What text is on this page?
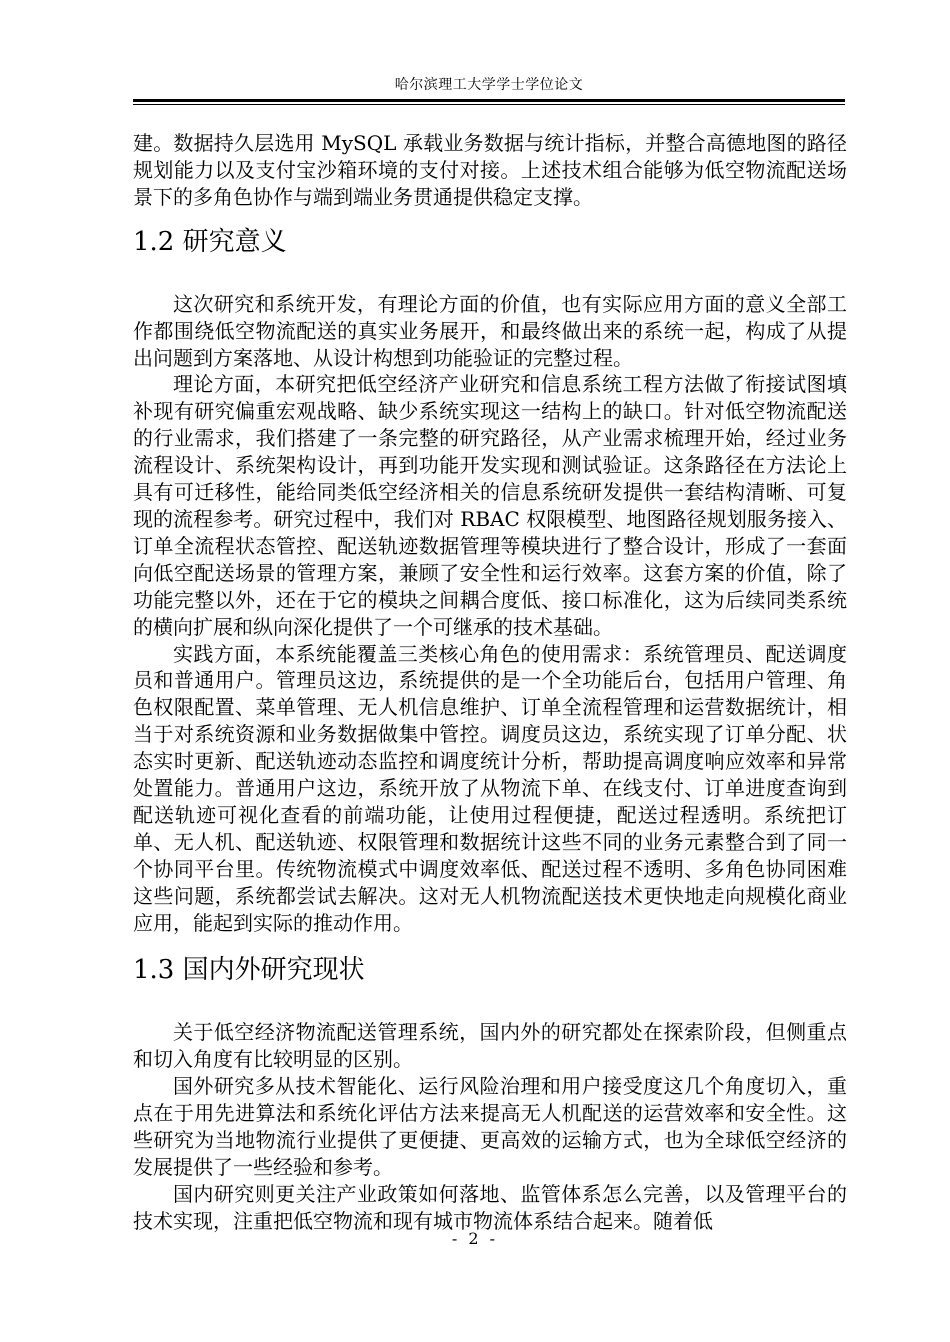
哈尔滨理工大学学士学位论文

建。数据持久层选用 MySQL 承载业务数据与统计指标，并整合高德地图的路径规划能力以及支付宝沙箱环境的支付对接。上述技术组合能够为低空物流配送场景下的多角色协作与端到端业务贯通提供稳定支撑。

1.2 研究意义

这次研究和系统开发，有理论方面的价值，也有实际应用方面的意义全部工作都围绕低空物流配送的真实业务展开，和最终做出来的系统一起，构成了从提出问题到方案落地、从设计构想到功能验证的完整过程。

理论方面，本研究把低空经济产业研究和信息系统工程方法做了衔接试图填补现有研究偏重宏观战略、缺少系统实现这一结构上的缺口。针对低空物流配送的行业需求，我们搭建了一条完整的研究路径，从产业需求梳理开始，经过业务流程设计、系统架构设计，再到功能开发实现和测试验证。这条路径在方法论上具有可迁移性，能给同类低空经济相关的信息系统研发提供一套结构清晰、可复现的流程参考。研究过程中，我们对 RBAC 权限模型、地图路径规划服务接入、订单全流程状态管控、配送轨迹数据管理等模块进行了整合设计，形成了一套面向低空配送场景的管理方案，兼顾了安全性和运行效率。这套方案的价值，除了功能完整以外，还在于它的模块之间耦合度低、接口标准化，这为后续同类系统的横向扩展和纵向深化提供了一个可继承的技术基础。

实践方面，本系统能覆盖三类核心角色的使用需求：系统管理员、配送调度员和普通用户。管理员这边，系统提供的是一个全功能后台，包括用户管理、角色权限配置、菜单管理、无人机信息维护、订单全流程管理和运营数据统计，相当于对系统资源和业务数据做集中管控。调度员这边，系统实现了订单分配、状态实时更新、配送轨迹动态监控和调度统计分析，帮助提高调度响应效率和异常处置能力。普通用户这边，系统开放了从物流下单、在线支付、订单进度查询到配送轨迹可视化查看的前端功能，让使用过程便捷，配送过程透明。系统把订单、无人机、配送轨迹、权限管理和数据统计这些不同的业务元素整合到了同一个协同平台里。传统物流模式中调度效率低、配送过程不透明、多角色协同困难这些问题，系统都尝试去解决。这对无人机物流配送技术更快地走向规模化商业应用，能起到实际的推动作用。

1.3 国内外研究现状

关于低空经济物流配送管理系统，国内外的研究都处在探索阶段，但侧重点和切入角度有比较明显的区别。

国外研究多从技术智能化、运行风险治理和用户接受度这几个角度切入，重点在于用先进算法和系统化评估方法来提高无人机配送的运营效率和安全性。这些研究为当地物流行业提供了更便捷、更高效的运输方式，也为全球低空经济的发展提供了一些经验和参考。

国内研究则更关注产业政策如何落地、监管体系怎么完善，以及管理平台的技术实现，注重把低空物流和现有城市物流体系结合起来。随着低

- 2 -
